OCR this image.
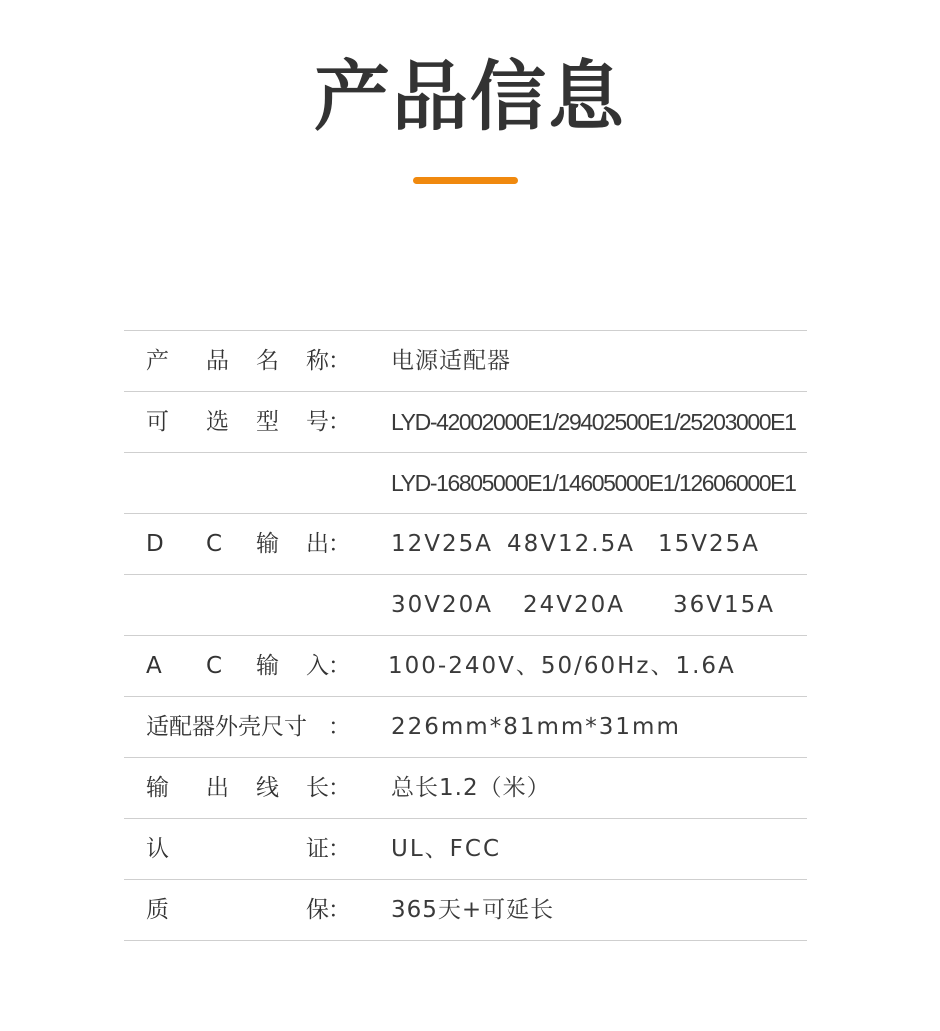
产品信息
产 品 名 称 ： 电源适配器
可 选 型 号 ： LYD-42002000E1/29402500E1/25203000E1
LYD-16805000E1/14605000E1/12606000E1
D C 输 出 ： 12V25A 48V12.5A 15V25A
30V20A 24V20A 36V15A
A C 输 入 ： 100-240V、50/60Hz、1.6A
适配器外壳尺寸 ： 226mm*81mm*31mm
输 出 线 长 ： 总长1.2（米）
认	证 ： UL、FCC
质	保 ： 365天+可延长
